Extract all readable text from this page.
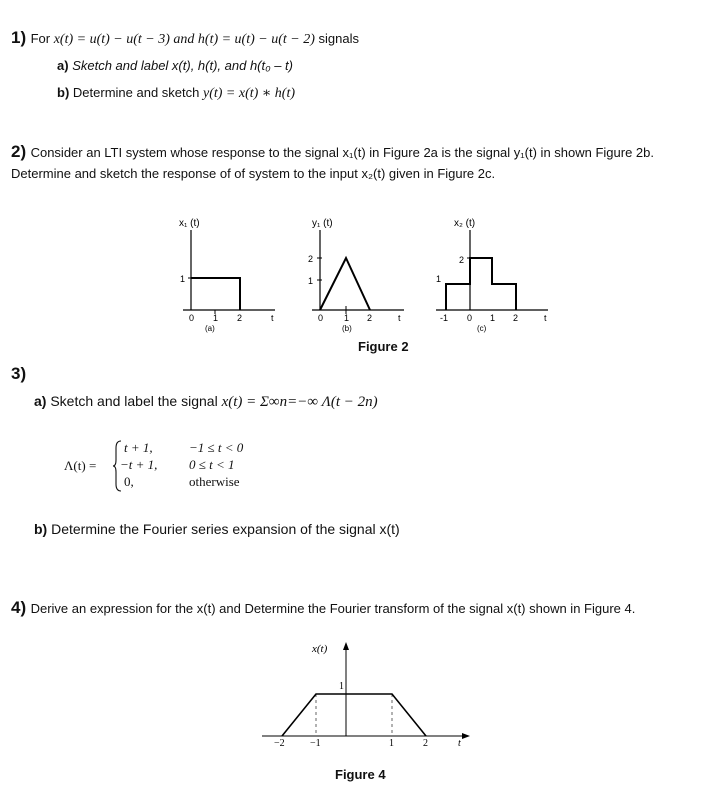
1) For x(t) = u(t) − u(t − 3) and h(t) = u(t) − u(t − 2) signals
a) Sketch and label x(t), h(t), and h(t₀ – t)
b) Determine and sketch y(t) = x(t) ∗ h(t)
2) Consider an LTI system whose response to the signal x₁(t) in Figure 2a is the signal y₁(t) in shown Figure 2b.
Determine and sketch the response of of system to the input x₂(t) given in Figure 2c.
x₁ (t)
1
0 1 2	t
(a)
y₁ (t)
2
1
0 1 2	t
(b)
x₂ (t)
2
1
-1 0 1 2	t
(c)
Figure 2
3)
a) Sketch and label the signal x(t) = Σ∞n=−∞ Λ(t − 2n)
Λ(t) =
t + 1,	−1 ≤ t < 0
−t + 1, 0 ≤ t < 1
0,	otherwise
b) Determine the Fourier series expansion of the signal x(t)
4) Derive an expression for the x(t) and Determine the Fourier transform of the signal x(t) shown in Figure 4.
x(t)
1
−2	−1	1	2	t
Figure 4
